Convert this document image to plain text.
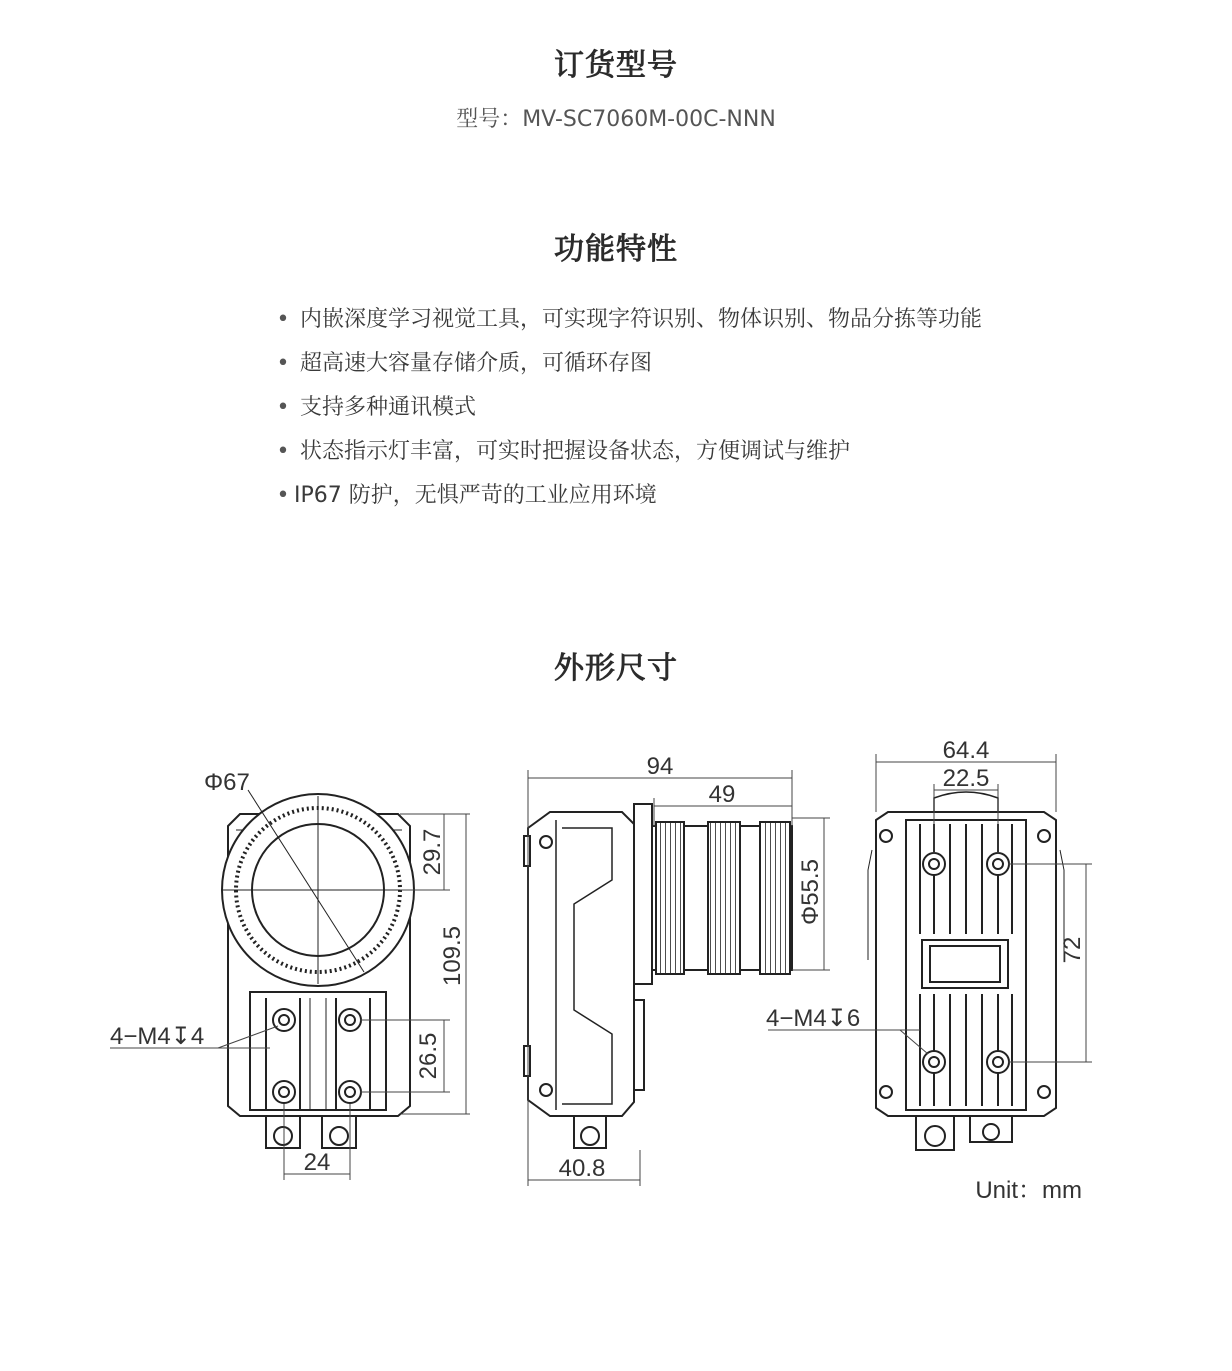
订货型号
型号：MV-SC7060M-00C-NNN
功能特性
• 内嵌深度学习视觉工具，可实现字符识别、物体识别、物品分拣等功能
• 超高速大容量存储介质，可循环存图
• 支持多种通讯模式
• 状态指示灯丰富，可实时把握设备状态，方便调试与维护
• IP67 防护，无惧严苛的工业应用环境
外形尺寸
Φ67
29.7
109.5
26.5
24
4−M4↧4
94
49
Φ55.5
40.8
64.4
22.5
72
4−M4↧6
Unit：mm
